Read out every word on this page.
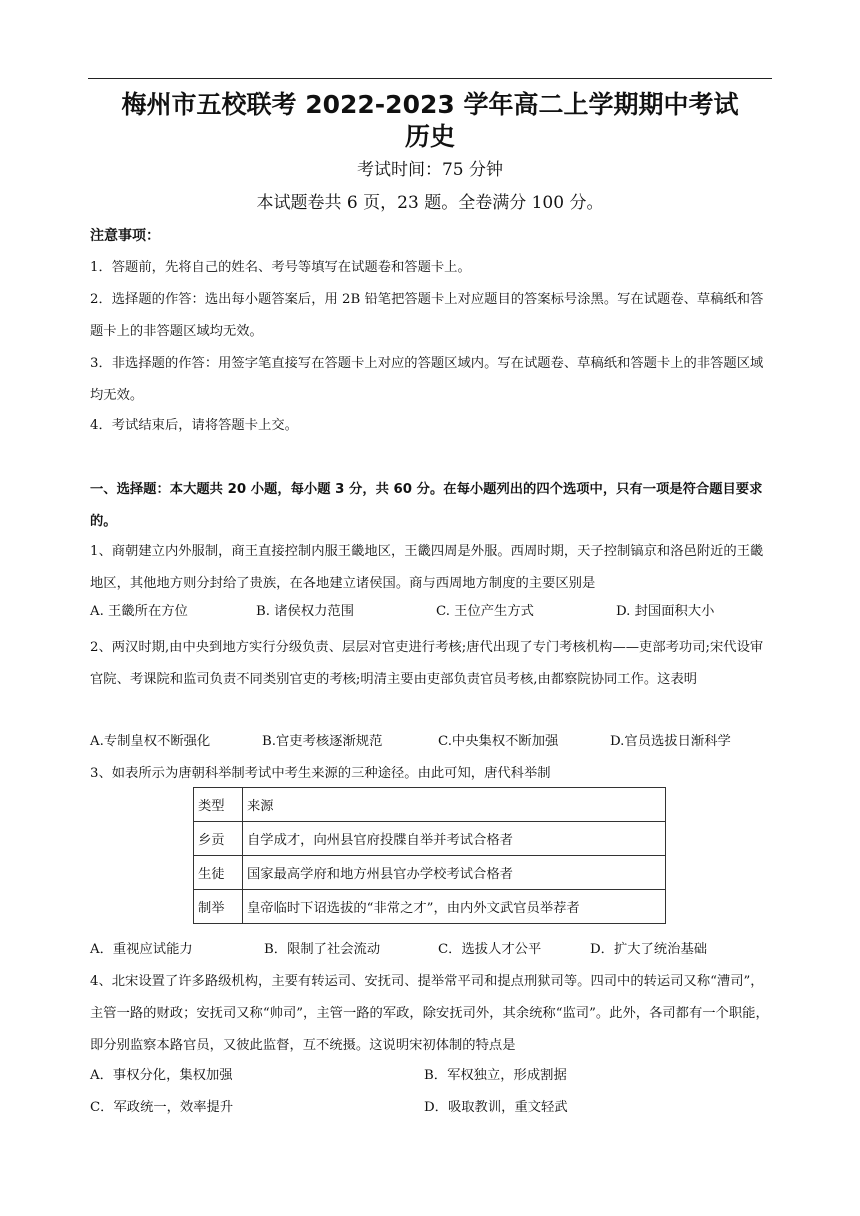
梅州市五校联考 2022-2023 学年高二上学期期中考试
历史
考试时间：75 分钟
本试题卷共 6 页，23 题。全卷满分 100 分。
注意事项：
1．答题前，先将自己的姓名、考号等填写在试题卷和答题卡上。
2．选择题的作答：选出每小题答案后，用 2B 铅笔把答题卡上对应题目的答案标号涂黑。写在试题卷、草稿纸和答题卡上的非答题区域均无效。
3．非选择题的作答：用签字笔直接写在答题卡上对应的答题区域内。写在试题卷、草稿纸和答题卡上的非答题区域均无效。
4．考试结束后，请将答题卡上交。
一、选择题：本大题共 20 小题，每小题 3 分，共 60 分。在每小题列出的四个选项中，只有一项是符合题目要求的。
1、商朝建立内外服制，商王直接控制内服王畿地区，王畿四周是外服。西周时期，天子控制镐京和洛邑附近的王畿地区，其他地方则分封给了贵族，在各地建立诸侯国。商与西周地方制度的主要区别是
A. 王畿所在方位	B. 诸侯权力范围	C. 王位产生方式	D. 封国面积大小
2、两汉时期,由中央到地方实行分级负责、层层对官吏进行考核;唐代出现了专门考核机构——吏部考功司;宋代设审官院、考课院和监司负责不同类别官吏的考核;明清主要由吏部负责官员考核,由都察院协同工作。这表明
A.专制皇权不断强化	B.官吏考核逐渐规范	C.中央集权不断加强	D.官员选拔日渐科学
3、如表所示为唐朝科举制考试中考生来源的三种途径。由此可知，唐代科举制
类型	来源
乡贡	自学成才，向州县官府投牒自举并考试合格者
生徒	国家最高学府和地方州县官办学校考试合格者
制举	皇帝临时下诏选拔的“非常之才”，由内外文武官员举荐者
A．重视应试能力	B．限制了社会流动	C．选拔人才公平	D．扩大了统治基础
4、北宋设置了许多路级机构，主要有转运司、安抚司、提举常平司和提点刑狱司等。四司中的转运司又称“漕司”，主管一路的财政；安抚司又称“帅司”，主管一路的军政，除安抚司外，其余统称“监司”。此外，各司都有一个职能，即分别监察本路官员，又彼此监督，互不统摄。这说明宋初体制的特点是
A．事权分化，集权加强	B．军权独立，形成割据
C．军政统一，效率提升	D．吸取教训，重文轻武
